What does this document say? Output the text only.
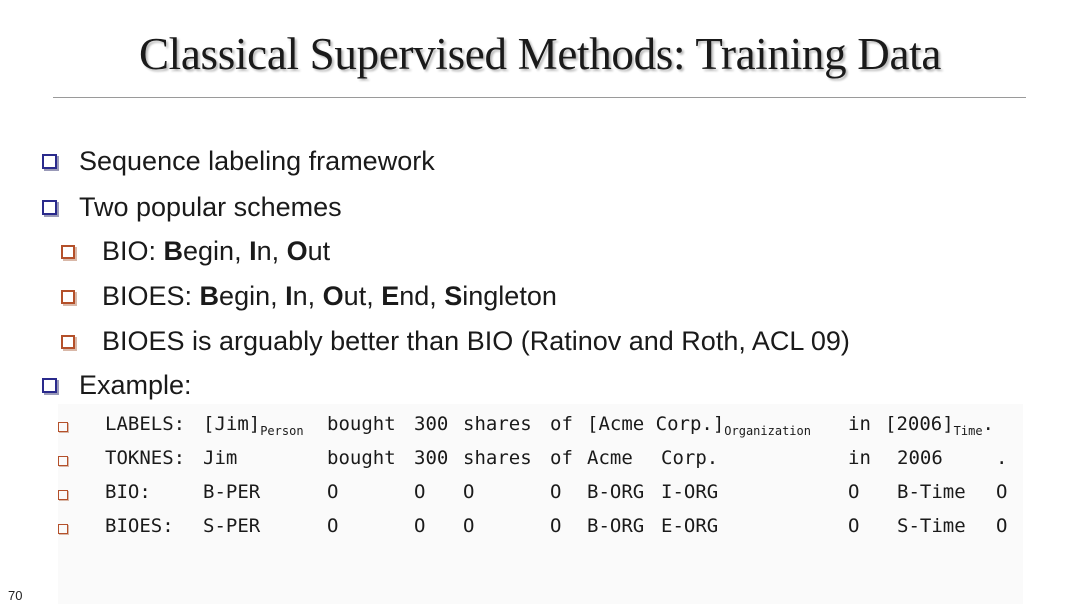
Classical Supervised Methods: Training Data
Sequence labeling framework
Two popular schemes
BIO: Begin, In, Out
BIOES: Begin, In, Out, End, Singleton
BIOES is arguably better than BIO (Ratinov and Roth, ACL 09)
Example:
LABELS: $[Jim]_{Person}$ bought 300 shares of [Acme $Corp.]_{Organization}$ in $[2006]_{Time}$.
TOKNES: Jim	bought 300 shares of Acme Corp.	in 2006	.
BIO:	B-PER	O	O O	O B-ORG I-ORG	O B-Time O
BIOES: S-PER	O	O O	O B-ORG E-ORG	O S-Time O
70
